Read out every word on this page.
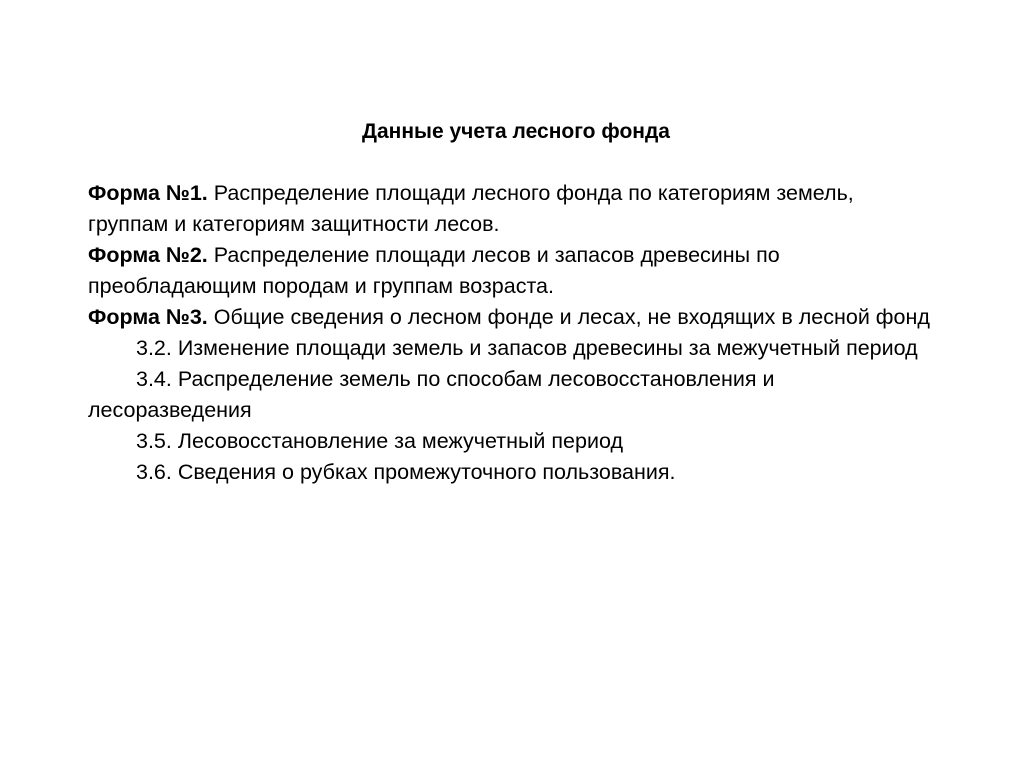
Данные учета лесного фонда

Форма №1. Распределение площади лесного фонда по категориям земель, группам и категориям защитности лесов.

Форма №2. Распределение площади лесов и запасов древесины по преобладающим породам и группам возраста.

Форма №3. Общие сведения о лесном фонде и лесах, не входящих в лесной фонд

3.2. Изменение площади земель и запасов древесины за межучетный период

3.4. Распределение земель по способам лесовосстановления и лесоразведения

3.5. Лесовосстановление за межучетный период

3.6. Сведения о рубках промежуточного пользования.
